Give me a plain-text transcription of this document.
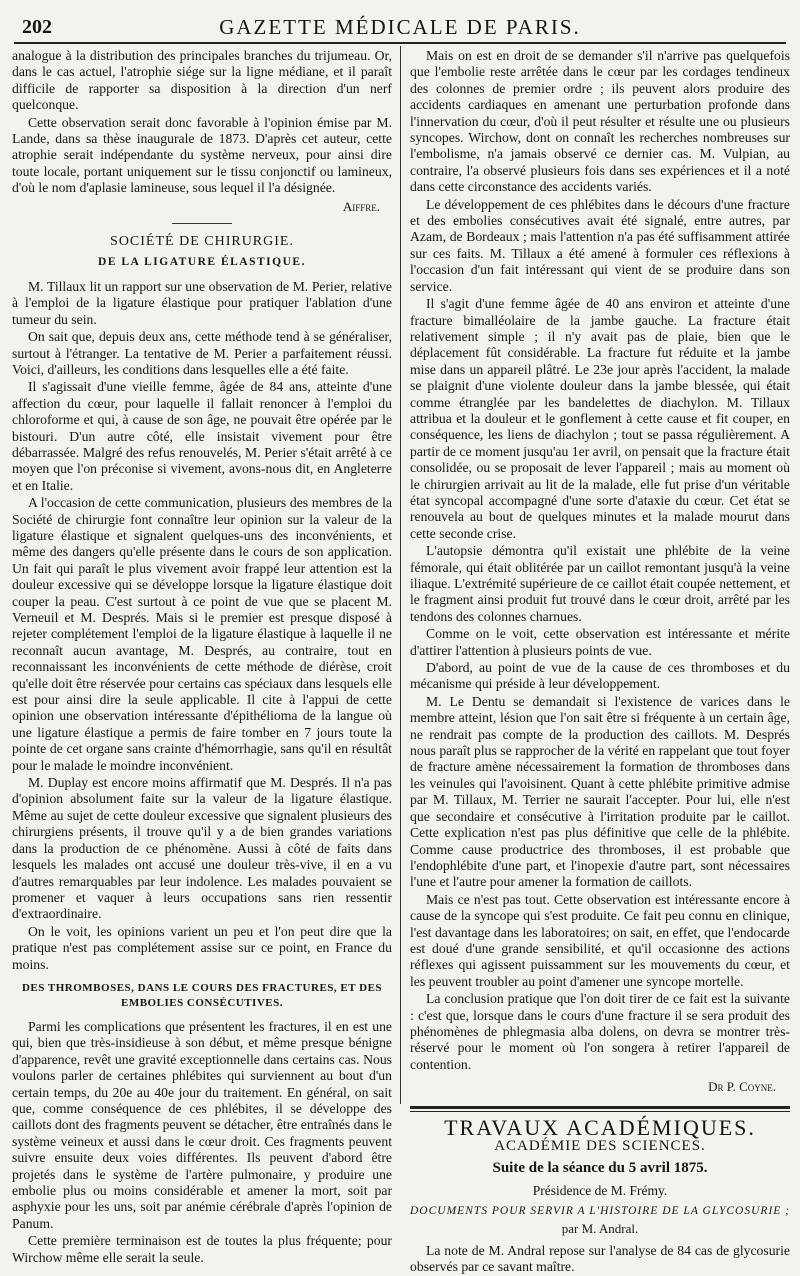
202	GAZETTE MÉDICALE DE PARIS.

analogue à la distribution des principales branches du trijumeau. Or, dans le cas actuel, l'atrophie siége sur la ligne médiane, et il paraît difficile de rapporter sa disposition à la direction d'un nerf quelconque.

Cette observation serait donc favorable à l'opinion émise par M. Lande, dans sa thèse inaugurale de 1873. D'après cet auteur, cette atrophie serait indépendante du système nerveux, pour ainsi dire toute locale, portant uniquement sur le tissu conjonctif ou lamineux, d'où le nom d'aplasie lamineuse, sous lequel il l'a désignée.

Aiffre.
SOCIÉTÉ DE CHIRURGIE.
DE LA LIGATURE ÉLASTIQUE.

M. Tillaux lit un rapport sur une observation de M. Perier, relative à l'emploi de la ligature élastique pour pratiquer l'ablation d'une tumeur du sein.

On sait que, depuis deux ans, cette méthode tend à se généraliser, surtout à l'étranger. La tentative de M. Perier a parfaitement réussi. Voici, d'ailleurs, les conditions dans lesquelles elle a été faite.

Il s'agissait d'une vieille femme, âgée de 84 ans, atteinte d'une affection du cœur, pour laquelle il fallait renoncer à l'emploi du chloroforme et qui, à cause de son âge, ne pouvait être opérée par le bistouri. D'un autre côté, elle insistait vivement pour être débarrassée. Malgré des refus renouvelés, M. Perier s'était arrêté à ce moyen que l'on préconise si vivement, avons-nous dit, en Angleterre et en Italie.

A l'occasion de cette communication, plusieurs des membres de la Société de chirurgie font connaître leur opinion sur la valeur de la ligature élastique et signalent quelques-uns des inconvénients, et même des dangers qu'elle présente dans le cours de son application. Un fait qui paraît le plus vivement avoir frappé leur attention est la douleur excessive qui se développe lorsque la ligature élastique doit couper la peau. C'est surtout à ce point de vue que se placent M. Verneuil et M. Després. Mais si le premier est presque disposé à rejeter complétement l'emploi de la ligature élastique à laquelle il ne reconnaît aucun avantage, M. Després, au contraire, tout en reconnaissant les inconvénients de cette méthode de diérèse, croit qu'elle doit être réservée pour certains cas spéciaux dans lesquels elle est pour ainsi dire la seule applicable. Il cite à l'appui de cette opinion une observation intéressante d'épithélioma de la langue où une ligature élastique a permis de faire tomber en 7 jours toute la pointe de cet organe sans crainte d'hémorrhagie, sans qu'il en résultât pour le malade le moindre inconvénient.

M. Duplay est encore moins affirmatif que M. Després. Il n'a pas d'opinion absolument faite sur la valeur de la ligature élastique. Même au sujet de cette douleur excessive que signalent plusieurs des chirurgiens présents, il trouve qu'il y a de bien grandes variations dans la production de ce phénomène. Aussi à côté de faits dans lesquels les malades ont accusé une douleur très-vive, il en a vu d'autres remarquables par leur indolence. Les malades pouvaient se promener et vaquer à leurs occupations sans rien ressentir d'extraordinaire.

On le voit, les opinions varient un peu et l'on peut dire que la pratique n'est pas complétement assise sur ce point, en France du moins.

DES THROMBOSES, DANS LE COURS DES FRACTURES, ET DES EMBOLIES CONSÉCUTIVES.

Parmi les complications que présentent les fractures, il en est une qui, bien que très-insidieuse à son début, et même presque bénigne d'apparence, revêt une gravité exceptionnelle dans certains cas. Nous voulons parler de certaines phlébites qui surviennent au bout d'un certain temps, du 20e au 40e jour du traitement. En général, on sait que, comme conséquence de ces phlébites, il se développe des caillots dont des fragments peuvent se détacher, être entraînés dans le système veineux et aussi dans le cœur droit. Ces fragments peuvent suivre ensuite deux voies différentes. Ils peuvent d'abord être projetés dans le système de l'artère pulmonaire, y produire une embolie plus ou moins considérable et amener la mort, soit par asphyxie pour les uns, soit par anémie cérébrale d'après l'opinion de Panum.

Cette première terminaison est de toutes la plus fréquente; pour Wirchow même elle serait la seule.

Mais on est en droit de se demander s'il n'arrive pas quelquefois que l'embolie reste arrêtée dans le cœur par les cordages tendineux des colonnes de premier ordre ; ils peuvent alors produire des accidents cardiaques en amenant une perturbation profonde dans l'innervation du cœur, d'où il peut résulter et résulte une ou plusieurs syncopes. Wirchow, dont on connaît les recherches nombreuses sur l'embolisme, n'a jamais observé ce dernier cas. M. Vulpian, au contraire, l'a observé plusieurs fois dans ses expériences et il a noté dans cette circonstance des accidents variés.

Le développement de ces phlébites dans le décours d'une fracture et des embolies consécutives avait été signalé, entre autres, par Azam, de Bordeaux ; mais l'attention n'a pas été suffisamment attirée sur ces faits. M. Tillaux a été amené à formuler ces réflexions à l'occasion d'un fait intéressant qui vient de se produire dans son service.

Il s'agit d'une femme âgée de 40 ans environ et atteinte d'une fracture bimalléolaire de la jambe gauche. La fracture était relativement simple ; il n'y avait pas de plaie, bien que le déplacement fût considérable. La fracture fut réduite et la jambe mise dans un appareil plâtré. Le 23e jour après l'accident, la malade se plaignit d'une violente douleur dans la jambe blessée, qui était comme étranglée par les bandelettes de diachylon. M. Tillaux attribua et la douleur et le gonflement à cette cause et fit couper, en conséquence, les liens de diachylon ; tout se passa régulièrement. A partir de ce moment jusqu'au 1er avril, on pensait que la fracture était consolidée, ou se proposait de lever l'appareil ; mais au moment où le chirurgien arrivait au lit de la malade, elle fut prise d'un véritable état syncopal accompagné d'une sorte d'ataxie du cœur. Cet état se renouvela au bout de quelques minutes et la malade mourut dans cette seconde crise.

L'autopsie démontra qu'il existait une phlébite de la veine fémorale, qui était oblitérée par un caillot remontant jusqu'à la veine iliaque. L'extrémité supérieure de ce caillot était coupée nettement, et le fragment ainsi produit fut trouvé dans le cœur droit, arrêté par les tendons des colonnes charnues.

Comme on le voit, cette observation est intéressante et mérite d'attirer l'attention à plusieurs points de vue.

D'abord, au point de vue de la cause de ces thromboses et du mécanisme qui préside à leur développement.

M. Le Dentu se demandait si l'existence de varices dans le membre atteint, lésion que l'on sait être si fréquente à un certain âge, ne rendrait pas compte de la production des caillots. M. Després nous paraît plus se rapprocher de la vérité en rappelant que tout foyer de fracture amène nécessairement la formation de thromboses dans les veinules qui l'avoisinent. Quant à cette phlébite primitive admise par M. Tillaux, M. Terrier ne saurait l'accepter. Pour lui, elle n'est que secondaire et consécutive à l'irritation produite par le caillot. Cette explication n'est pas plus définitive que celle de la phlébite. Comme cause productrice des thromboses, il est probable que l'endophlébite d'une part, et l'inopexie d'autre part, sont nécessaires l'une et l'autre pour amener la formation de caillots.

Mais ce n'est pas tout. Cette observation est intéressante encore à cause de la syncope qui s'est produite. Ce fait peu connu en clinique, l'est davantage dans les laboratoires; on sait, en effet, que l'endocarde est doué d'une grande sensibilité, et qu'il occasionne des actions réflexes qui agissent puissamment sur les mouvements du cœur, et les peuvent troubler au point d'amener une syncope mortelle.

La conclusion pratique que l'on doit tirer de ce fait est la suivante : c'est que, lorsque dans le cours d'une fracture il se sera produit des phénomènes de phlegmasia alba dolens, on devra se montrer très-réservé pour le moment où l'on songera à retirer l'appareil de contention.

Dr P. Coyne.
TRAVAUX ACADÉMIQUES.
ACADÉMIE DES SCIENCES.
Suite de la séance du 5 avril 1875.
Présidence de M. Frémy.
DOCUMENTS POUR SERVIR A L'HISTOIRE DE LA GLYCOSURIE ;
par M. Andral.

La note de M. Andral repose sur l'analyse de 84 cas de glycosurie observés par ce savant maître.
